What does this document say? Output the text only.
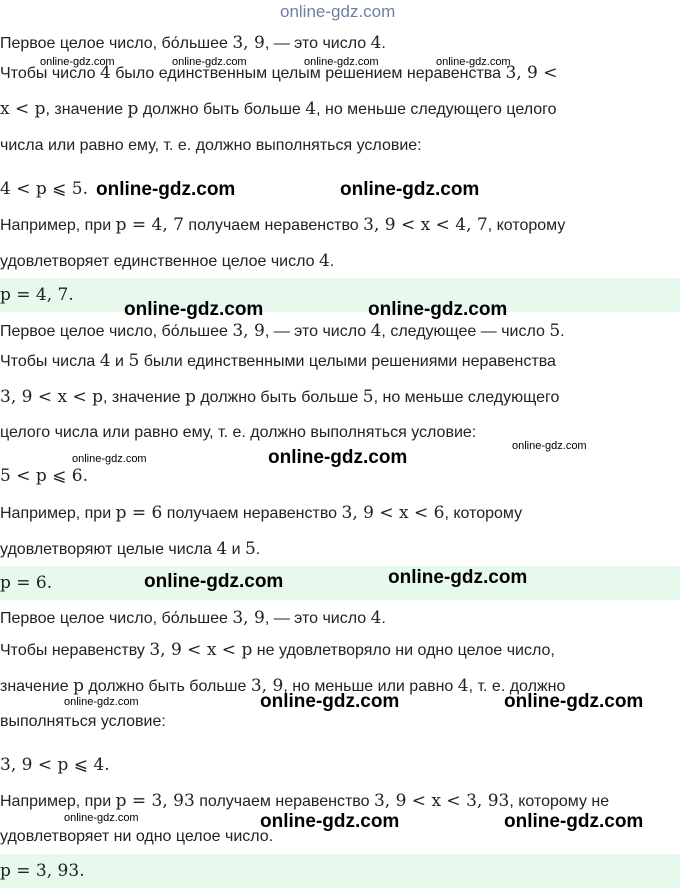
online-gdz.com
Первое целое число, бо́льшее 3, 9, — это число 4.
Чтобы число 4 было единственным целым решением неравенства 3, 9 <
x < p, значение p должно быть больше 4, но меньше следующего целого
числа или равно ему, т. е. должно выполняться условие:
4 < p ⩽ 5.
Например, при p = 4, 7 получаем неравенство 3, 9 < x < 4, 7, которому
удовлетворяет единственное целое число 4.
p = 4, 7.
Первое целое число, бо́льшее 3, 9, — это число 4, следующее — число 5.
Чтобы числа 4 и 5 были единственными целыми решениями неравенства
3, 9 < x < p, значение p должно быть больше 5, но меньше следующего
целого числа или равно ему, т. е. должно выполняться условие:
5 < p ⩽ 6.
Например, при p = 6 получаем неравенство 3, 9 < x < 6, которому
удовлетворяют целые числа 4 и 5.
p = 6.
Первое целое число, бо́льшее 3, 9, — это число 4.
Чтобы неравенству 3, 9 < x < p не удовлетворяло ни одно целое число,
значение p должно быть больше 3, 9, но меньше или равно 4, т. е. должно
выполняться условие:
3, 9 < p ⩽ 4.
Например, при p = 3, 93 получаем неравенство 3, 9 < x < 3, 93, которому не
удовлетворяет ни одно целое число.
p = 3, 93.
online-gdz.com	online-gdz.com	online-gdz.com	online-gdz.com
online-gdz.com	online-gdz.com
online-gdz.com	online-gdz.com
online-gdz.com
online-gdz.com	online-gdz.com
online-gdz.com	online-gdz.com
online-gdz.com	online-gdz.com	online-gdz.com
online-gdz.com	online-gdz.com	online-gdz.com
